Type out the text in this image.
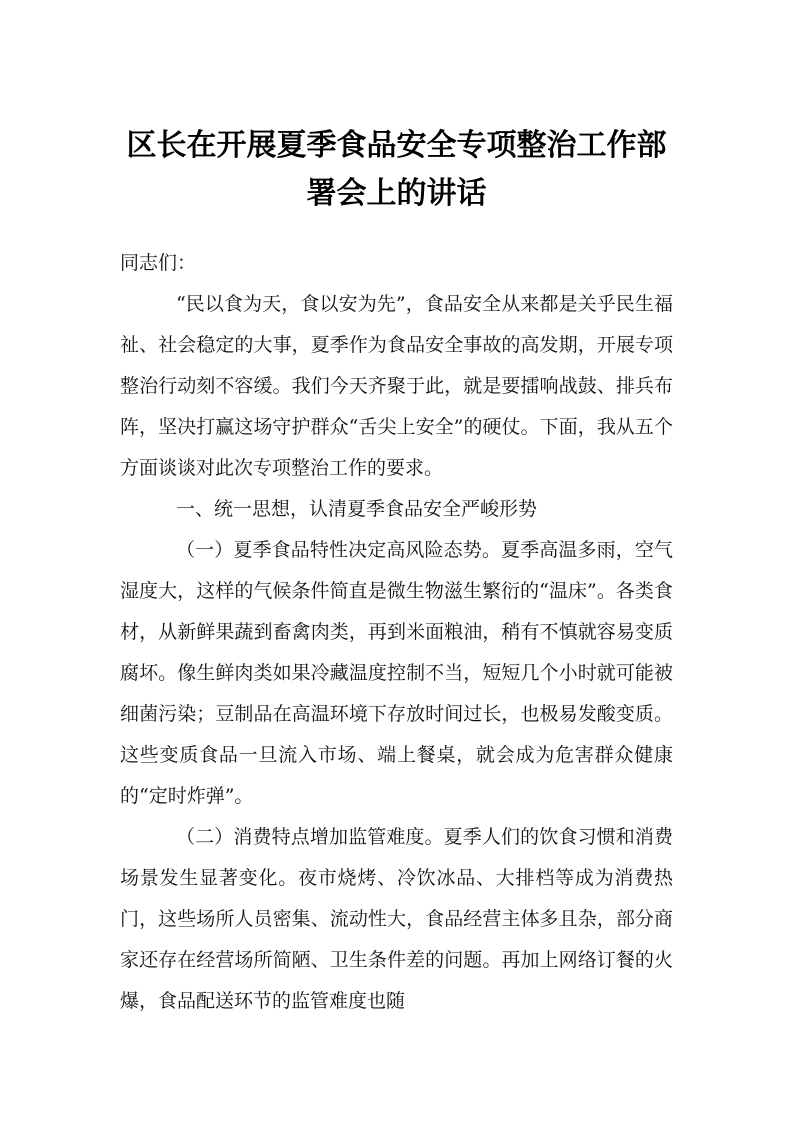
区长在开展夏季食品安全专项整治工作部
署会上的讲话

同志们：

“民以食为天，食以安为先”，食品安全从来都是关乎民生福祉、社会稳定的大事，夏季作为食品安全事故的高发期，开展专项整治行动刻不容缓。我们今天齐聚于此，就是要擂响战鼓、排兵布阵，坚决打赢这场守护群众“舌尖上安全”的硬仗。下面，我从五个方面谈谈对此次专项整治工作的要求。

一、统一思想，认清夏季食品安全严峻形势

（一）夏季食品特性决定高风险态势。夏季高温多雨，空气湿度大，这样的气候条件简直是微生物滋生繁衍的“温床”。各类食材，从新鲜果蔬到畜禽肉类，再到米面粮油，稍有不慎就容易变质腐坏。像生鲜肉类如果冷藏温度控制不当，短短几个小时就可能被细菌污染；豆制品在高温环境下存放时间过长，也极易发酸变质。这些变质食品一旦流入市场、端上餐桌，就会成为危害群众健康的“定时炸弹”。

（二）消费特点增加监管难度。夏季人们的饮食习惯和消费场景发生显著变化。夜市烧烤、冷饮冰品、大排档等成为消费热门，这些场所人员密集、流动性大，食品经营主体多且杂，部分商家还存在经营场所简陋、卫生条件差的问题。再加上网络订餐的火爆，食品配送环节的监管难度也随
